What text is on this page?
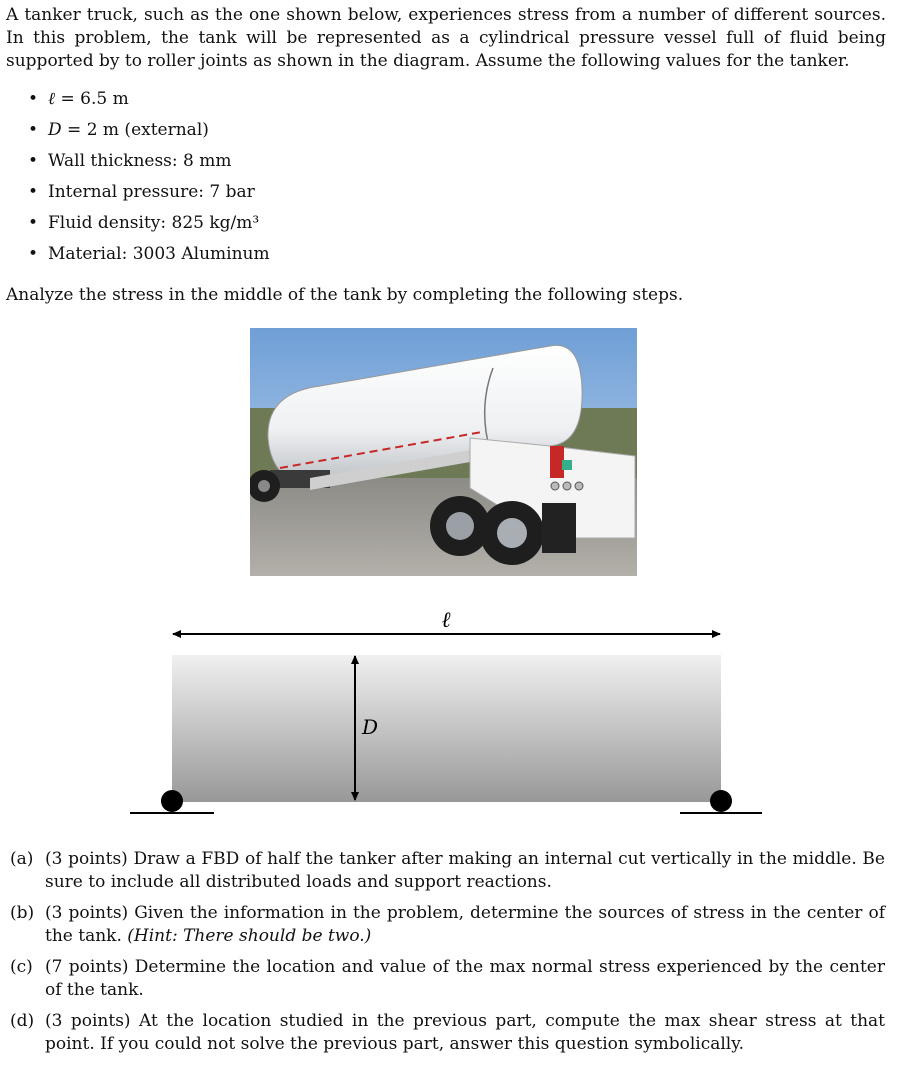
A tanker truck, such as the one shown below, experiences stress from a number of different sources. In this problem, the tank will be represented as a cylindrical pressure vessel full of fluid being supported by to roller joints as shown in the diagram. Assume the following values for the tanker.

• ℓ = 6.5 m
• D = 2 m (external)
• Wall thickness: 8 mm
• Internal pressure: 7 bar
• Fluid density: 825 kg/m³
• Material: 3003 Aluminum

Analyze the stress in the middle of the tank by completing the following steps.

ℓ
D
(a) (3 points) Draw a FBD of half the tanker after making an internal cut vertically in the middle. Be sure to include all distributed loads and support reactions.
(b) (3 points) Given the information in the problem, determine the sources of stress in the center of the tank. (Hint: There should be two.)
(c) (7 points) Determine the location and value of the max normal stress experienced by the center of the tank.
(d) (3 points) At the location studied in the previous part, compute the max shear stress at that point. If you could not solve the previous part, answer this question symbolically.
